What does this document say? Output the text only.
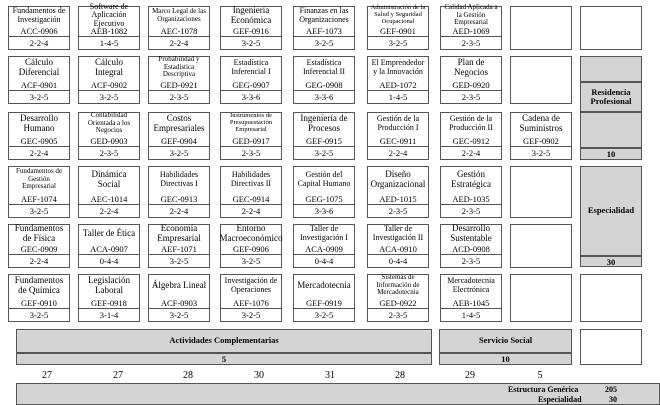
Fundamentos de Investigación
ACC-0906
2-2-4
Cálculo Diferencial
ACF-0901
3-2-5
Desarrollo Humano
GEC-0905
2-2-4
Fundamentos de Gestión Empresarial
AEF-1074
3-2-5
Fundamentos de Física
GEC-0909
2-2-4
Fundamentos de Química
GEF-0910
3-2-5
Software de Aplicación Ejecutivo
AEB-1082
1-4-5
Cálculo Integral
ACF-0902
3-2-5
Contabilidad Orientada a los Negocios
GED-0903
2-3-5
Dinámica Social
AEC-1014
2-2-4
Taller de Ética
ACA-0907
0-4-4
Legislación Laboral
GEF-0918
3-1-4
Marco Legal de las Organizaciones
AEC-1078
2-2-4
Probabilidad y Estadística Descriptiva
GED-0921
2-3-5
Costos Empresariales
GEF-0904
3-2-5
Habilidades Directivas I
GEC-0913
2-2-4
Economía Empresarial
AEF-1071
3-2-5
Álgebra Lineal
ACF-0903
3-2-5
Ingeniería Económica
GEF-0916
3-2-5
Estadística Inferencial I
GEG-0907
3-3-6
Instrumentos de Presupuestación Empresarial
GED-0917
2-3-5
Habilidades Directivas II
GEC-0914
2-2-4
Entorno Macroeconómico
GEF-0906
3-2-5
Investigación de Operaciones
AEF-1076
3-2-5
Finanzas en las Organizaciones
AEF-1073
3-2-5
Estadística Inferencial II
GEG-0908
3-3-6
Ingeniería de Procesos
GEF-0915
3-2-5
Gestión del Capital Humano
GEG-1075
3-3-6
Taller de Investigación I
ACA-0909
0-4-4
Mercadotecnia
GEF-0919
3-2-5
Administración de la Salud y Seguridad Ocupacional
GEF-0901
3-2-5
El Emprendedor y la Innovación
AED-1072
1-4-5
Gestión de la Producción I
GEC-0911
2-2-4
Diseño Organizacional
AED-1015
2-3-5
Taller de Investigación II
ACA-0910
0-4-4
Sistemas de Información de Mercadotecnia
GED-0922
2-3-5
Calidad Aplicada a la Gestión Empresarial
AED-1069
2-3-5
Plan de Negocios
GED-0920
2-3-5
Gestión de la Producción II
GEC-0912
2-2-4
Gestión Estratégica
AED-1035
2-3-5
Desarrollo Sustentable
ACD-0908
2-3-5
Mercadotecnia Electrónica
AEB-1045
1-4-5
Cadena de Suministros
GEF-0902
3-2-5
Residencia Profesional
10
Especialidad
30
Actividades Complementarias
5
Servicio Social
10
27	27	28	30	31	28	29	5
Estructura Genérica	205
Especialidad	30
